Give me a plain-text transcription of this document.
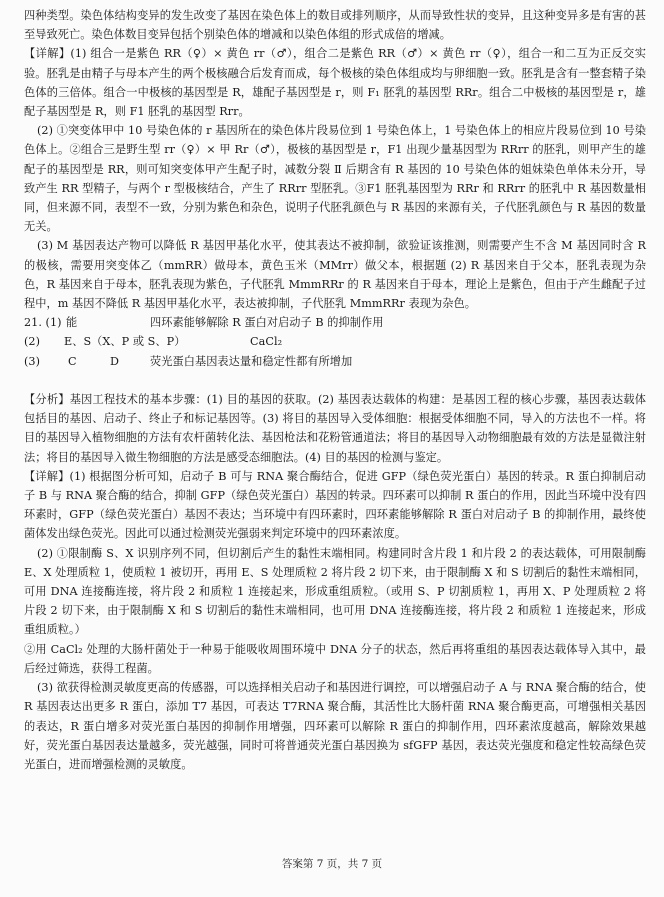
四种类型。染色体结构变异的发生改变了基因在染色体上的数目或排列顺序，从而导致性状的变异，且这种变异多是有害的甚至导致死亡。染色体数目变异包括个别染色体的增减和以染色体组的形式成倍的增减。

【详解】(1) 组合一是紫色 RR（♀）× 黄色 rr（♂），组合二是紫色 RR（♂）× 黄色 rr（♀），组合一和二互为正反交实验。胚乳是由精子与母本产生的两个极核融合后发育而成，每个极核的染色体组成均与卵细胞一致。胚乳是含有一整套精子染色体的三倍体。组合一中极核的基因型是 R，雄配子基因型是 r，则 F₁ 胚乳的基因型 RRr。组合二中极核的基因型是 r，雄配子基因型是 R，则 F1 胚乳的基因型 Rrr。

(2) ①突变体甲中 10 号染色体的 r 基因所在的染色体片段易位到 1 号染色体上，1 号染色体上的相应片段易位到 10 号染色体上。②组合三是野生型 rr（♀）× 甲 Rr（♂），极核的基因型是 r，F1 出现少量基因型为 RRrr 的胚乳，则甲产生的雄配子的基因型是 RR，则可知突变体甲产生配子时，减数分裂 Ⅱ 后期含有 R 基因的 10 号染色体的姐妹染色单体未分开，导致产生 RR 型精子，与两个 r 型极核结合，产生了 RRrr 型胚乳。③F1 胚乳基因型为 RRr 和 RRrr 的胚乳中 R 基因数量相同，但来源不同，表型不一致，分别为紫色和杂色，说明子代胚乳颜色与 R 基因的来源有关，子代胚乳颜色与 R 基因的数量无关。

(3) M 基因表达产物可以降低 R 基因甲基化水平，使其表达不被抑制，欲验证该推测，则需要产生不含 M 基因同时含 R 的极核，需要用突变体乙（mmRR）做母本，黄色玉米（MMrr）做父本，根据题 (2) R 基因来自于父本，胚乳表现为杂色，R 基因来自于母本，胚乳表现为紫色，子代胚乳 MmmRRr 的 R 基因来自于母本，理论上是紫色，但由于产生雌配子过程中，m 基因不降低 R 基因甲基化水平，表达被抑制，子代胚乳 MmmRRr 表现为杂色。

21. (1) 能	四环素能够解除 R 蛋白对启动子 B 的抑制作用
(2)	E、S（X、P 或 S、P）	CaCl₂
(3)	C	D	荧光蛋白基因表达量和稳定性都有所增加

【分析】基因工程技术的基本步骤：(1) 目的基因的获取。(2) 基因表达载体的构建：是基因工程的核心步骤，基因表达载体包括目的基因、启动子、终止子和标记基因等。(3) 将目的基因导入受体细胞：根据受体细胞不同，导入的方法也不一样。将目的基因导入植物细胞的方法有农杆菌转化法、基因枪法和花粉管通道法；将目的基因导入动物细胞最有效的方法是显微注射法；将目的基因导入微生物细胞的方法是感受态细胞法。(4) 目的基因的检测与鉴定。

【详解】(1) 根据图分析可知，启动子 B 可与 RNA 聚合酶结合，促进 GFP（绿色荧光蛋白）基因的转录。R 蛋白抑制启动子 B 与 RNA 聚合酶的结合，抑制 GFP（绿色荧光蛋白）基因的转录。四环素可以抑制 R 蛋白的作用，因此当环境中没有四环素时，GFP（绿色荧光蛋白）基因不表达；当环境中有四环素时，四环素能够解除 R 蛋白对启动子 B 的抑制作用，最终使菌体发出绿色荧光。因此可以通过检测荧光强弱来判定环境中的四环素浓度。

(2) ①限制酶 S、X 识别序列不同，但切割后产生的黏性末端相同。构建同时含片段 1 和片段 2 的表达载体，可用限制酶 E、X 处理质粒 1，使质粒 1 被切开，再用 E、S 处理质粒 2 将片段 2 切下来，由于限制酶 X 和 S 切割后的黏性末端相同，可用 DNA 连接酶连接，将片段 2 和质粒 1 连接起来，形成重组质粒。（或用 S、P 切割质粒 1，再用 X、P 处理质粒 2 将片段 2 切下来，由于限制酶 X 和 S 切割后的黏性末端相同，也可用 DNA 连接酶连接，将片段 2 和质粒 1 连接起来，形成重组质粒。）

②用 CaCl₂ 处理的大肠杆菌处于一种易于能吸收周围环境中 DNA 分子的状态，然后再将重组的基因表达载体导入其中，最后经过筛选，获得工程菌。

(3) 欲获得检测灵敏度更高的传感器，可以选择相关启动子和基因进行调控，可以增强启动子 A 与 RNA 聚合酶的结合，使 R 基因表达出更多 R 蛋白，添加 T7 基因，可表达 T7RNA 聚合酶，其活性比大肠杆菌 RNA 聚合酶更高，可增强相关基因的表达，R 蛋白增多对荧光蛋白基因的抑制作用增强，四环素可以解除 R 蛋白的抑制作用，四环素浓度越高，解除效果越好，荧光蛋白基因表达量越多，荧光越强，同时可将普通荧光蛋白基因换为 sfGFP 基因，表达荧光强度和稳定性较高绿色荧光蛋白，进而增强检测的灵敏度。

答案第 7 页，共 7 页
